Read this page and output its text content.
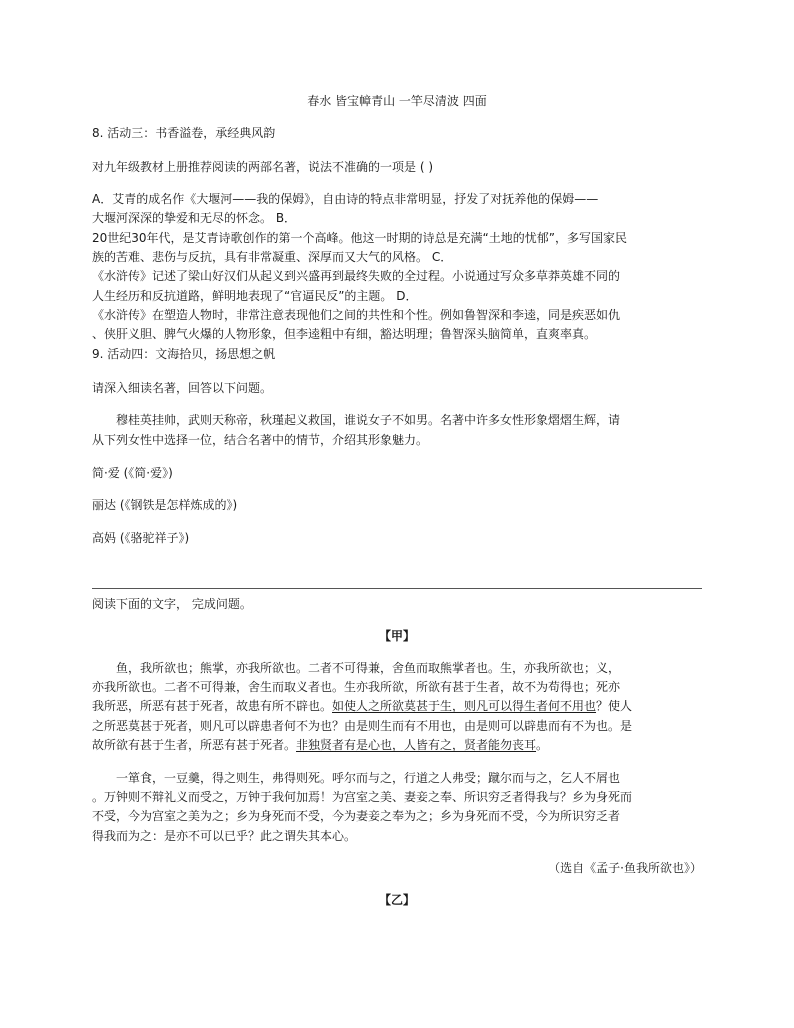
春水 皆宝幛青山 一竿尽清波 四面
8. 活动三：书香溢卷，承经典风韵
对九年级教材上册推荐阅读的两部名著，说法不准确的一项是 ( )
A．艾青的成名作《大堰河——我的保姆》，自由诗的特点非常明显，抒发了对抚养他的保姆——
大堰河深深的挚爱和无尽的怀念。 B．
20世纪30年代，是艾青诗歌创作的第一个高峰。他这一时期的诗总是充满“土地的忧郁”，多写国家民
族的苦难、悲伤与反抗，具有非常凝重、深厚而又大气的风格。 C．
《水浒传》记述了梁山好汉们从起义到兴盛再到最终失败的全过程。小说通过写众多草莽英雄不同的
人生经历和反抗道路，鲜明地表现了“官逼民反”的主题。 D．
《水浒传》在塑造人物时，非常注意表现他们之间的共性和个性。例如鲁智深和李逵，同是疾恶如仇
、侠肝义胆、脾气火爆的人物形象，但李逵粗中有细，豁达明理；鲁智深头脑简单，直爽率真。
9. 活动四：文海拾贝，扬思想之帆
请深入细读名著，回答以下问题。
穆桂英挂帅，武则天称帝，秋瑾起义救国，谁说女子不如男。名著中许多女性形象熠熠生辉，请
从下列女性中选择一位，结合名著中的情节，介绍其形象魅力。
简·爱 (《简·爱》)
丽达 (《钢铁是怎样炼成的》)
高妈 (《骆驼祥子》)
阅读下面的文字， 完成问题。
【甲】
鱼，我所欲也；熊掌，亦我所欲也。二者不可得兼，舍鱼而取熊掌者也。生，亦我所欲也；义，
亦我所欲也。二者不可得兼，舍生而取义者也。生亦我所欲，所欲有甚于生者，故不为苟得也；死亦
我所恶，所恶有甚于死者，故患有所不辟也。如使人之所欲莫甚于生，则凡可以得生者何不用也？使人
之所恶莫甚于死者，则凡可以辟患者何不为也？由是则生而有不用也，由是则可以辟患而有不为也。是
故所欲有甚于生者，所恶有甚于死者。非独贤者有是心也，人皆有之，贤者能勿丧耳。
一箪食，一豆羹，得之则生，弗得则死。呼尔而与之，行道之人弗受；蹴尔而与之，乞人不屑也
。万钟则不辩礼义而受之，万钟于我何加焉！为宫室之美、妻妾之奉、所识穷乏者得我与？乡为身死而
不受，今为宫室之美为之；乡为身死而不受，今为妻妾之奉为之；乡为身死而不受，今为所识穷乏者
得我而为之：是亦不可以已乎？此之谓失其本心。
（选自《孟子·鱼我所欲也》）
【乙】
